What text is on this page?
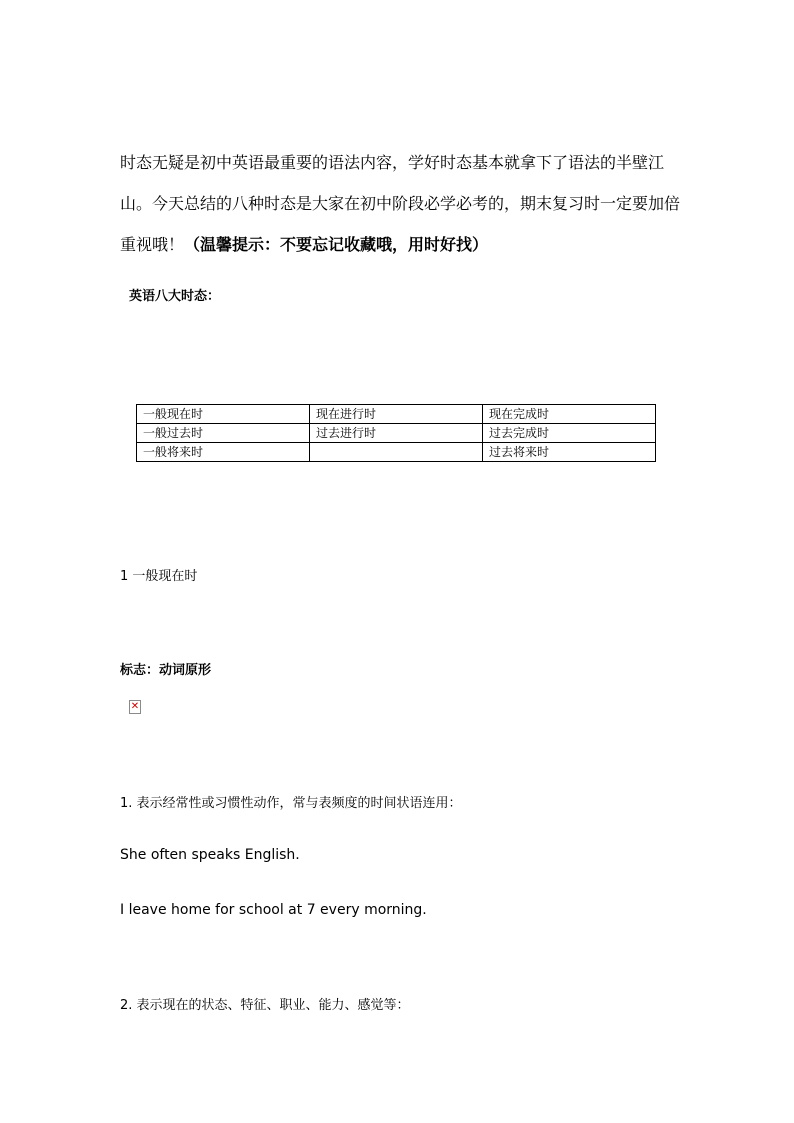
时态无疑是初中英语最重要的语法内容，学好时态基本就拿下了语法的半壁江山。今天总结的八种时态是大家在初中阶段必学必考的，期末复习时一定要加倍重视哦！（温馨提示：不要忘记收藏哦，用时好找）

英语八大时态：

一般现在时	现在进行时	现在完成时
一般过去时	过去进行时	过去完成时
一般将来时		过去将来时

1 一般现在时

标志：动词原形

✕

1. 表示经常性或习惯性动作，常与表频度的时间状语连用：

She often speaks English.

I leave home for school at 7 every morning.

2. 表示现在的状态、特征、职业、能力、感觉等：
